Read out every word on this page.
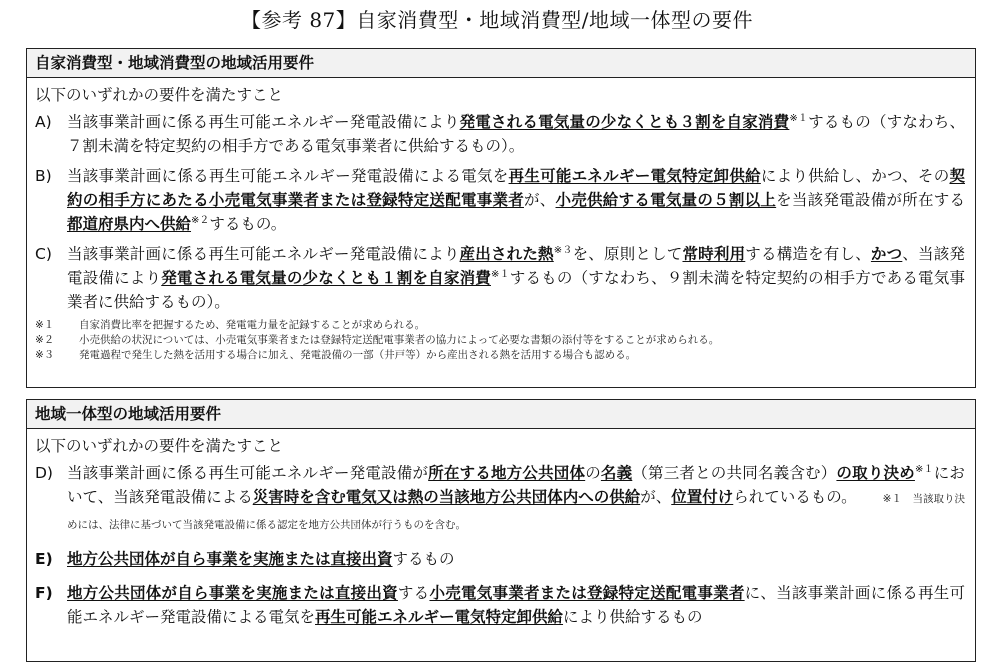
【参考 87】自家消費型・地域消費型/地域一体型の要件
自家消費型・地域消費型の地域活用要件
以下のいずれかの要件を満たすこと
A) 当該事業計画に係る再生可能エネルギー発電設備により発電される電気量の少なくとも３割を自家消費$^{※1}$するもの（すなわち、７割未満を特定契約の相手方である電気事業者に供給するもの）。
B) 当該事業計画に係る再生可能エネルギー発電設備による電気を再生可能エネルギー電気特定卸供給により供給し、かつ、その契約の相手方にあたる小売電気事業者または登録特定送配電事業者が、小売供給する電気量の５割以上を当該発電設備が所在する都道府県内へ供給$^{※2}$するもの。
C) 当該事業計画に係る再生可能エネルギー発電設備により産出された熱$^{※3}$を、原則として常時利用する構造を有し、かつ、当該発電設備により発電される電気量の少なくとも１割を自家消費$^{※1}$するもの（すなわち、９割未満を特定契約の相手方である電気事業者に供給するもの）。
※１	自家消費比率を把握するため、発電電力量を記録することが求められる。
※２	小売供給の状況については、小売電気事業者または登録特定送配電事業者の協力によって必要な書類の添付等をすることが求められる。
※３	発電過程で発生した熱を活用する場合に加え、発電設備の一部（井戸等）から産出される熱を活用する場合も認める。
地域一体型の地域活用要件
以下のいずれかの要件を満たすこと
D) 当該事業計画に係る再生可能エネルギー発電設備が所在する地方公共団体の名義（第三者との共同名義含む）の取り決め$^{※1}$において、当該発電設備による災害時を含む電気又は熱の当該地方公共団体内への供給が、位置付けられているもの。 ※１　当該取り決めには、法律に基づいて当該発電設備に係る認定を地方公共団体が行うものを含む。
E) 地方公共団体が自ら事業を実施または直接出資するもの
F) 地方公共団体が自ら事業を実施または直接出資する小売電気事業者または登録特定送配電事業者に、当該事業計画に係る再生可能エネルギー発電設備による電気を再生可能エネルギー電気特定卸供給により供給するもの
